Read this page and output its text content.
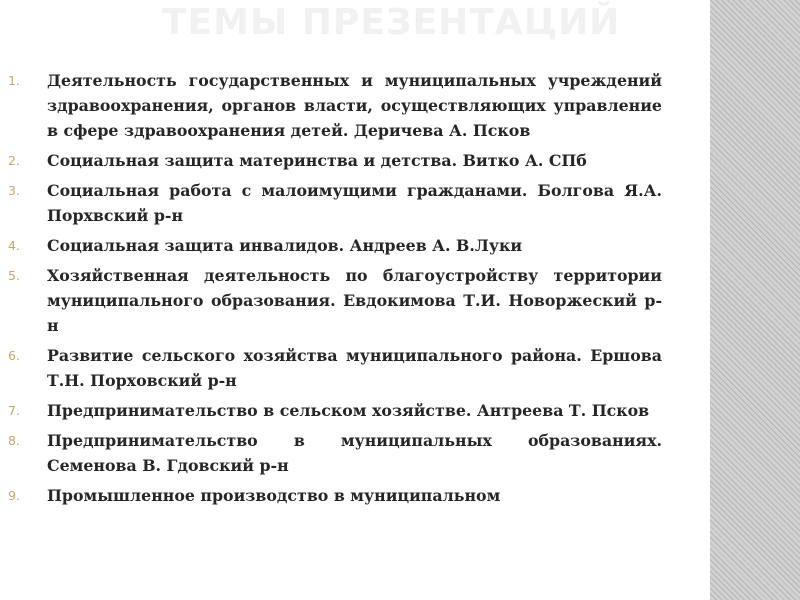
ТЕМЫ ПРЕЗЕНТАЦИЙ
1. Деятельность государственных и муниципальных учреждений здравоохранения, органов власти, осуществляющих управление в сфере здравоохранения детей. Деричева А. Псков
2. Социальная защита материнства и детства. Витко А. СПб
3. Социальная работа с малоимущими гражданами. Болгова Я.А. Порхвский р-н
4. Социальная защита инвалидов. Андреев А. В.Луки
5. Хозяйственная деятельность по благоустройству территории муниципального образования. Евдокимова Т.И. Новоржеский р-н
6. Развитие сельского хозяйства муниципального района. Ершова Т.Н. Порховский р-н
7. Предпринимательство в сельском хозяйстве. Антреева Т. Псков
8. Предпринимательство в муниципальных образованиях. Семенова В. Гдовский р-н
9. Промышленное производство в муниципальном
